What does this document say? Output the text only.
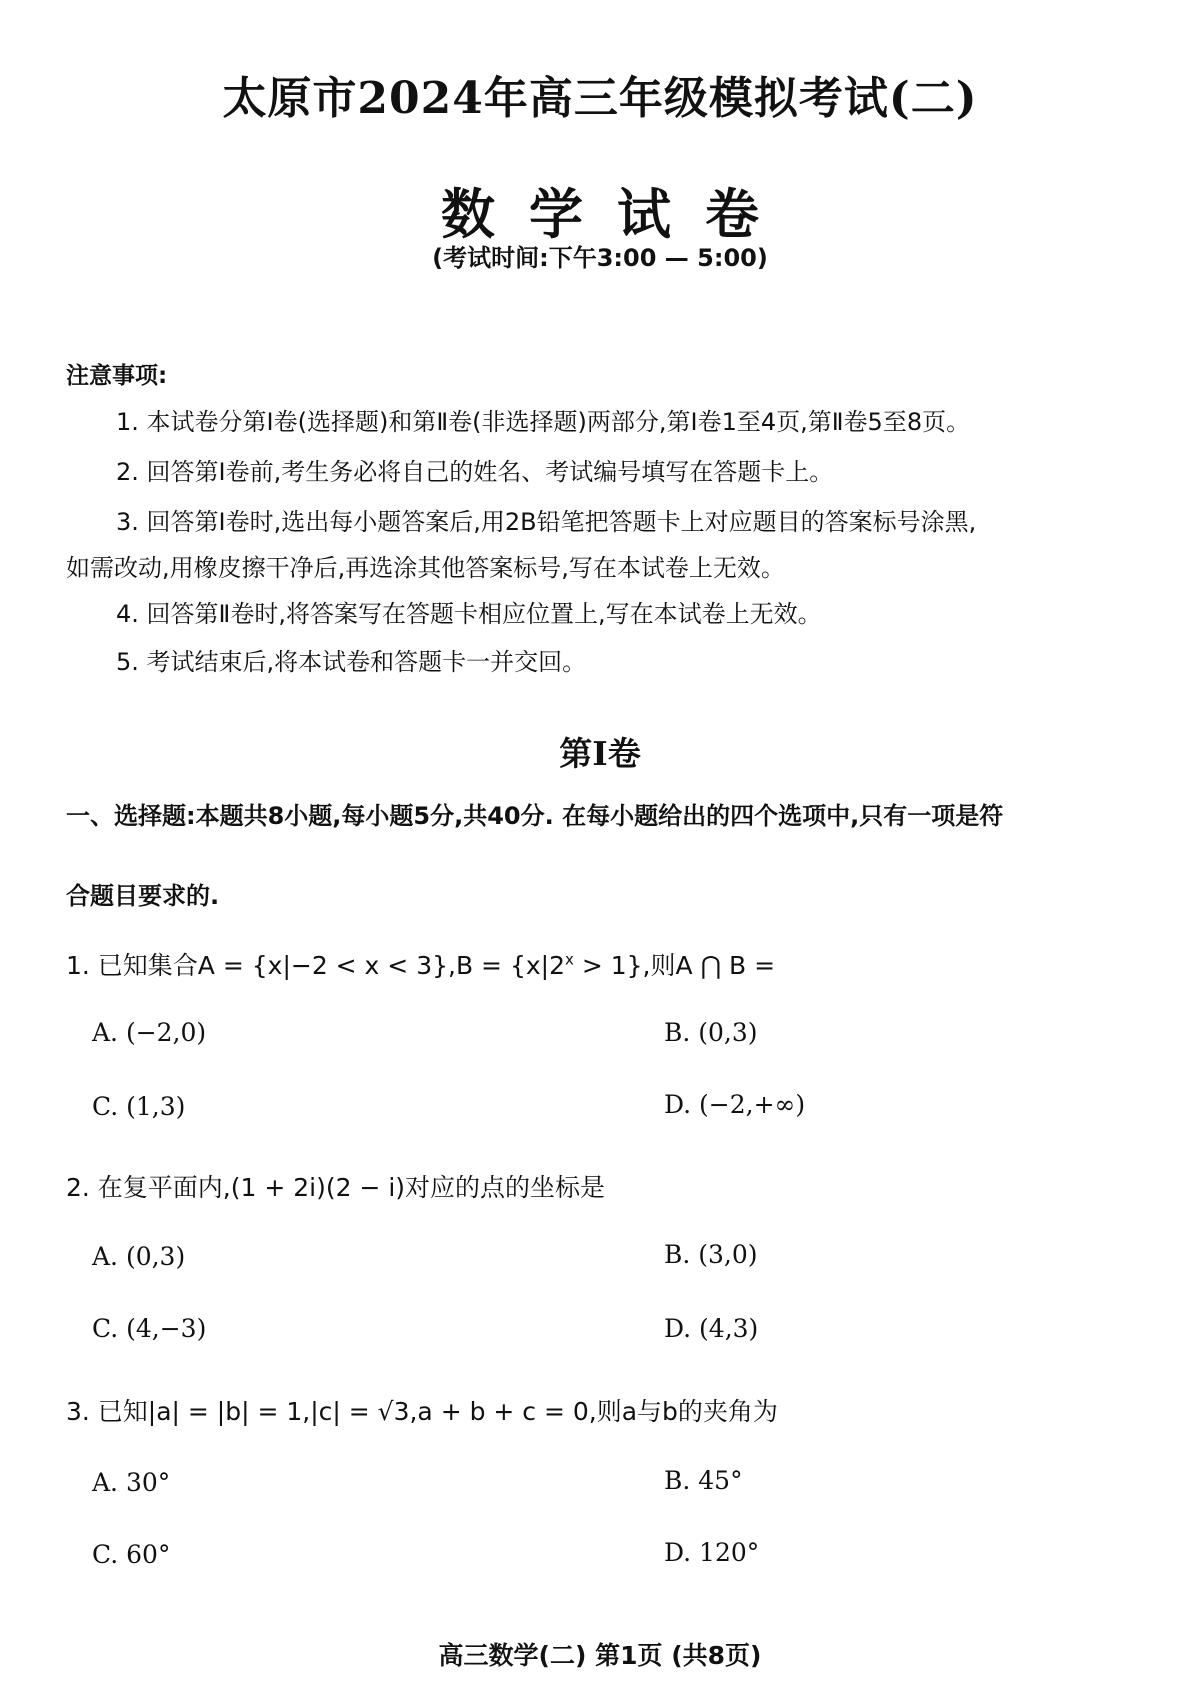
太原市2024年高三年级模拟考试(二)
数学试卷
(考试时间:下午3:00 — 5:00)
注意事项:
1. 本试卷分第Ⅰ卷(选择题)和第Ⅱ卷(非选择题)两部分,第Ⅰ卷1至4页,第Ⅱ卷5至8页。
2. 回答第Ⅰ卷前,考生务必将自己的姓名、考试编号填写在答题卡上。
3. 回答第Ⅰ卷时,选出每小题答案后,用2B铅笔把答题卡上对应题目的答案标号涂黑,
如需改动,用橡皮擦干净后,再选涂其他答案标号,写在本试卷上无效。
4. 回答第Ⅱ卷时,将答案写在答题卡相应位置上,写在本试卷上无效。
5. 考试结束后,将本试卷和答题卡一并交回。
第Ⅰ卷
一、选择题:本题共8小题,每小题5分,共40分. 在每小题给出的四个选项中,只有一项是符
合题目要求的.
1. 已知集合$A = \{x|-2 < x < 3\},B = \{x|2^x > 1\}$,则A ⋂ B =
A. (−2,0)	B. (0,3)
C. (1,3)	D. (−2,+∞)
2. 在复平面内,(1 + 2i)(2 − i)对应的点的坐标是
A. (0,3)	B. (3,0)
C. (4,−3)	D. (4,3)
3. 已知|a| = |b| = 1,|c| = √3,a + b + c = 0,则a与b的夹角为
A. 30°	B. 45°
C. 60°	D. 120°
高三数学(二) 第1页 (共8页)
